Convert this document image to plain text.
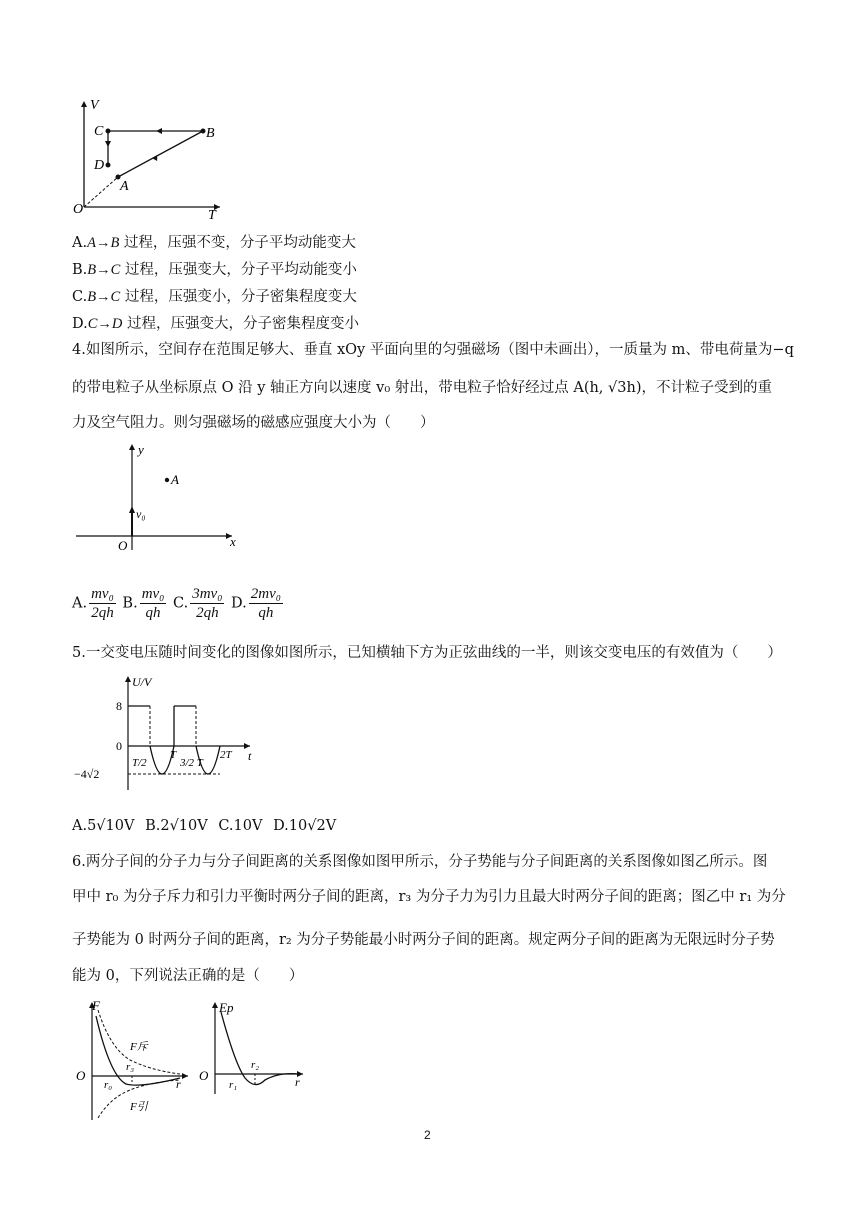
V
T
O
A
B
C
D
A.A→B 过程，压强不变，分子平均动能变大
B.B→C 过程，压强变大，分子平均动能变小
C.B→C 过程，压强变小，分子密集程度变大
D.C→D 过程，压强变大，分子密集程度变小
4.如图所示，空间存在范围足够大、垂直 xOy 平面向里的匀强磁场（图中未画出），一质量为 m、带电荷量为−q
的带电粒子从坐标原点 O 沿 y 轴正方向以速度 v₀ 射出，带电粒子恰好经过点 A(h, √3h)，不计粒子受到的重
力及空气阻力。则匀强磁场的磁感应强度大小为（　　）
y
x
O
v₀
A
A. $\frac{\text{mv₀}}{2qh} B$. $\frac{\text{mv₀}}{qh} C$. $\frac{\text{3mv₀}}{2qh} D$. $\frac{\text{2mv₀}}{qh}$
5.一交变电压随时间变化的图像如图所示，已知横轴下方为正弦曲线的一半，则该交变电压的有效值为（　　）
U/V
t
8
0
−4√2
T/2
T
3/2 T
2T
A.5√10V B.2√10V C.10V D.10√2V
6.两分子间的分子力与分子间距离的关系图像如图甲所示，分子势能与分子间距离的关系图像如图乙所示。图
甲中 r₀ 为分子斥力和引力平衡时两分子间的距离，r₃ 为分子力为引力且最大时两分子间的距离；图乙中 r₁ 为分
子势能为 0 时两分子间的距离，r₂ 为分子势能最小时两分子间的距离。规定两分子间的距离为无限远时分子势
能为 0，下列说法正确的是（　　）
F
F斥
F引
O
r₀
r₃
r
Ep
O
r₁
r₂
r
2
